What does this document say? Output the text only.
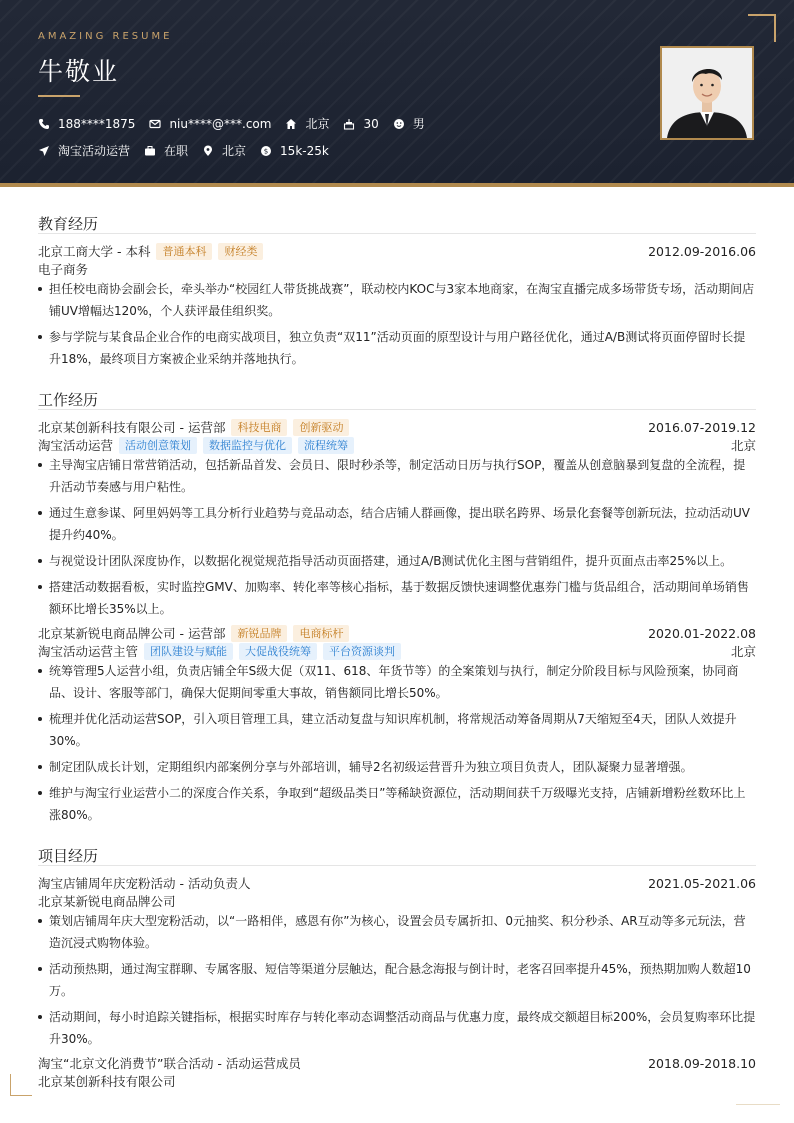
AMAZING RESUME
牛敬业
188****1875	niu****@***.com	北京	30	男
淘宝活动运营	在职	北京	$ 15k-25k
教育经历
北京工商大学 - 本科	普通本科	财经类	2012.09-2016.06
电子商务
担任校电商协会副会长，牵头举办“校园红人带货挑战赛”，联动校内KOC与3家本地商家，在淘宝直播完成多场带货专场，活动期间店铺UV增幅达120%，个人获评最佳组织奖。
参与学院与某食品企业合作的电商实战项目，独立负责“双11”活动页面的原型设计与用户路径优化，通过A/B测试将页面停留时长提升18%，最终项目方案被企业采纳并落地执行。
工作经历
北京某创新科技有限公司 - 运营部	科技电商	创新驱动	2016.07-2019.12
淘宝活动运营	活动创意策划	数据监控与优化	流程统筹	北京
主导淘宝店铺日常营销活动，包括新品首发、会员日、限时秒杀等，制定活动日历与执行SOP，覆盖从创意脑暴到复盘的全流程，提升活动节奏感与用户粘性。
通过生意参谋、阿里妈妈等工具分析行业趋势与竞品动态，结合店铺人群画像，提出联名跨界、场景化套餐等创新玩法，拉动活动UV提升约40%。
与视觉设计团队深度协作，以数据化视觉规范指导活动页面搭建，通过A/B测试优化主图与营销组件，提升页面点击率25%以上。
搭建活动数据看板，实时监控GMV、加购率、转化率等核心指标，基于数据反馈快速调整优惠券门槛与货品组合，活动期间单场销售额环比增长35%以上。
北京某新锐电商品牌公司 - 运营部	新锐品牌	电商标杆	2020.01-2022.08
淘宝活动运营主管	团队建设与赋能	大促战役统筹	平台资源谈判	北京
统筹管理5人运营小组，负责店铺全年S级大促（双11、618、年货节等）的全案策划与执行，制定分阶段目标与风险预案，协同商品、设计、客服等部门，确保大促期间零重大事故，销售额同比增长50%。
梳理并优化活动运营SOP，引入项目管理工具，建立活动复盘与知识库机制，将常规活动筹备周期从7天缩短至4天，团队人效提升30%。
制定团队成长计划，定期组织内部案例分享与外部培训，辅导2名初级运营晋升为独立项目负责人，团队凝聚力显著增强。
维护与淘宝行业运营小二的深度合作关系，争取到“超级品类日”等稀缺资源位，活动期间获千万级曝光支持，店铺新增粉丝数环比上涨80%。
项目经历
淘宝店铺周年庆宠粉活动 - 活动负责人	2021.05-2021.06
北京某新锐电商品牌公司
策划店铺周年庆大型宠粉活动，以“一路相伴，感恩有你”为核心，设置会员专属折扣、0元抽奖、积分秒杀、AR互动等多元玩法，营造沉浸式购物体验。
活动预热期，通过淘宝群聊、专属客服、短信等渠道分层触达，配合悬念海报与倒计时，老客召回率提升45%，预热期加购人数超10万。
活动期间，每小时追踪关键指标，根据实时库存与转化率动态调整活动商品与优惠力度，最终成交额超目标200%，会员复购率环比提升30%。
淘宝“北京文化消费节”联合活动 - 活动运营成员	2018.09-2018.10
北京某创新科技有限公司
